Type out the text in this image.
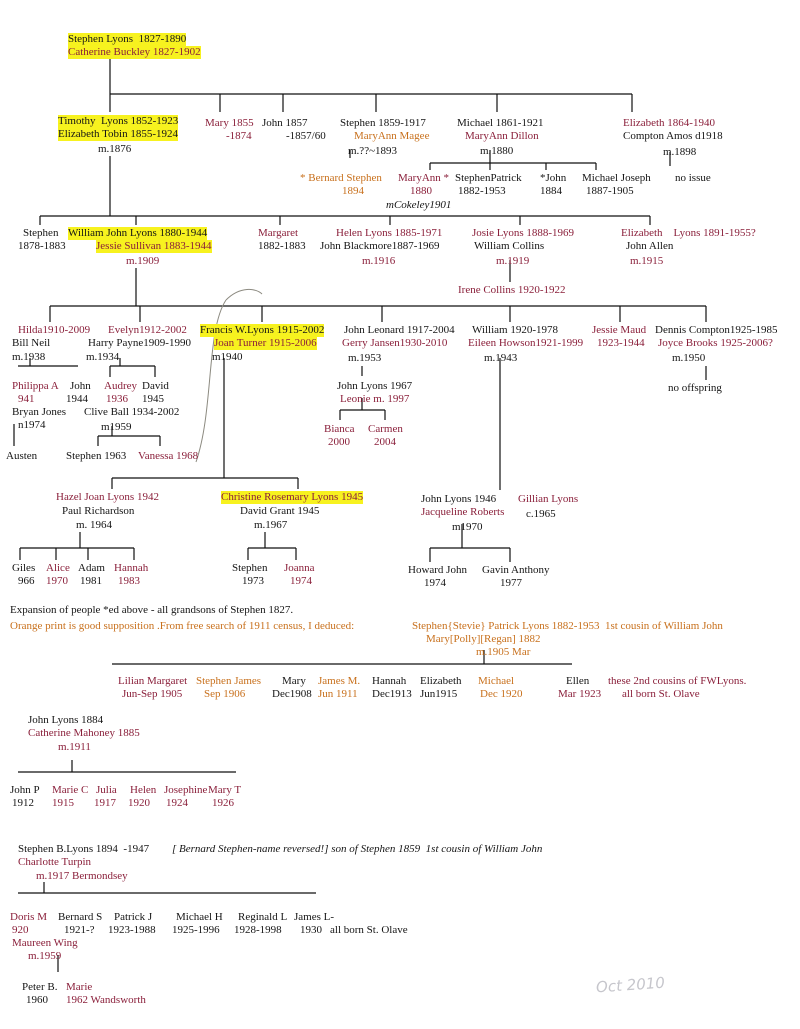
Stephen Lyons  1827-1890
Catherine Buckley 1827-1902
Timothy  Lyons 1852-1923
Elizabeth Tobin 1855-1924
m.1876
Mary 1855
-1874
John 1857
-1857/60
Stephen 1859-1917
MaryAnn Magee
m.??~1893
Michael 1861-1921
MaryAnn Dillon
m.1880
Elizabeth 1864-1940
Compton Amos d1918
m.1898
* Bernard Stephen
1894
MaryAnn *
1880
StephenPatrick
1882-1953
*John
1884
Michael Joseph
1887-1905
no issue
mCokeley1901
Stephen
1878-1883
William John Lyons 1880-1944
Jessie Sullivan 1883-1944
m.1909
Margaret
1882-1883
Helen Lyons 1885-1971
John Blackmore1887-1969
m.1916
Josie Lyons 1888-1969
William Collins
m.1919
Irene Collins 1920-1922
Elizabeth    Lyons 1891-1955?
John Allen
m.1915
Hilda1910-2009
Bill Neil
m.1938
Evelyn1912-2002
Harry Payne1909-1990
m.1934
Francis W.Lyons 1915-2002
Joan Turner 1915-2006
m1940
John Leonard 1917-2004
Gerry Jansen1930-2010
m.1953
William 1920-1978
Eileen Howson1921-1999
m.1943
Jessie Maud
1923-1944
Dennis Compton1925-1985
Joyce Brooks 1925-2006?
m.1950
no offspring
Philippa A
941
John
1944
Audrey
1936
David
1945
Bryan Jones
n1974
Clive Ball 1934-2002
m1959
Austen	Stephen 1963 Vanessa 1968
John Lyons 1967
Leonie m. 1997
Bianca
2000
Carmen
2004
Hazel Joan Lyons 1942
Paul Richardson
m. 1964
Christine Rosemary Lyons 1945
David Grant 1945
m.1967
John Lyons 1946 Gillian Lyons
Jacqueline Roberts c.1965
m1970
Giles
966
Alice
1970
Adam
1981
Hannah
1983
Stephen
1973
Joanna
1974
Howard John
1974
Gavin Anthony
1977
Expansion of people *ed above - all grandsons of Stephen 1827.
Orange print is good supposition .From free search of 1911 census, I deduced:	Stephen{Stevie} Patrick Lyons 1882-1953  1st cousin of William John
Mary[Polly][Regan] 1882
m.1905 Mar
Lilian Margaret
Jun-Sep 1905
Stephen James
Sep 1906
Mary
Dec1908
James M.
Jun 1911
Hannah
Dec1913
Elizabeth
Jun1915
Michael
Dec 1920
Ellen
Mar 1923
these 2nd cousins of FWLyons.
all born St. Olave
John Lyons 1884
Catherine Mahoney 1885
m.1911
John P
1912
Marie C
1915
Julia
1917
Helen
1920
Josephine
1924
Mary T
1926
Stephen B.Lyons 1894  -1947 [ Bernard Stephen-name reversed!] son of Stephen 1859  1st cousin of William John
Charlotte Turpin
m.1917 Bermondsey
Doris M
920
Bernard S
1921-?
Patrick J
1923-1988
Michael H
1925-1996
Reginald L
1928-1998
James L-
1930 all born St. Olave
Maureen Wing
m.1959
Peter B. Marie
1960 1962 Wandsworth
Oct 2010
